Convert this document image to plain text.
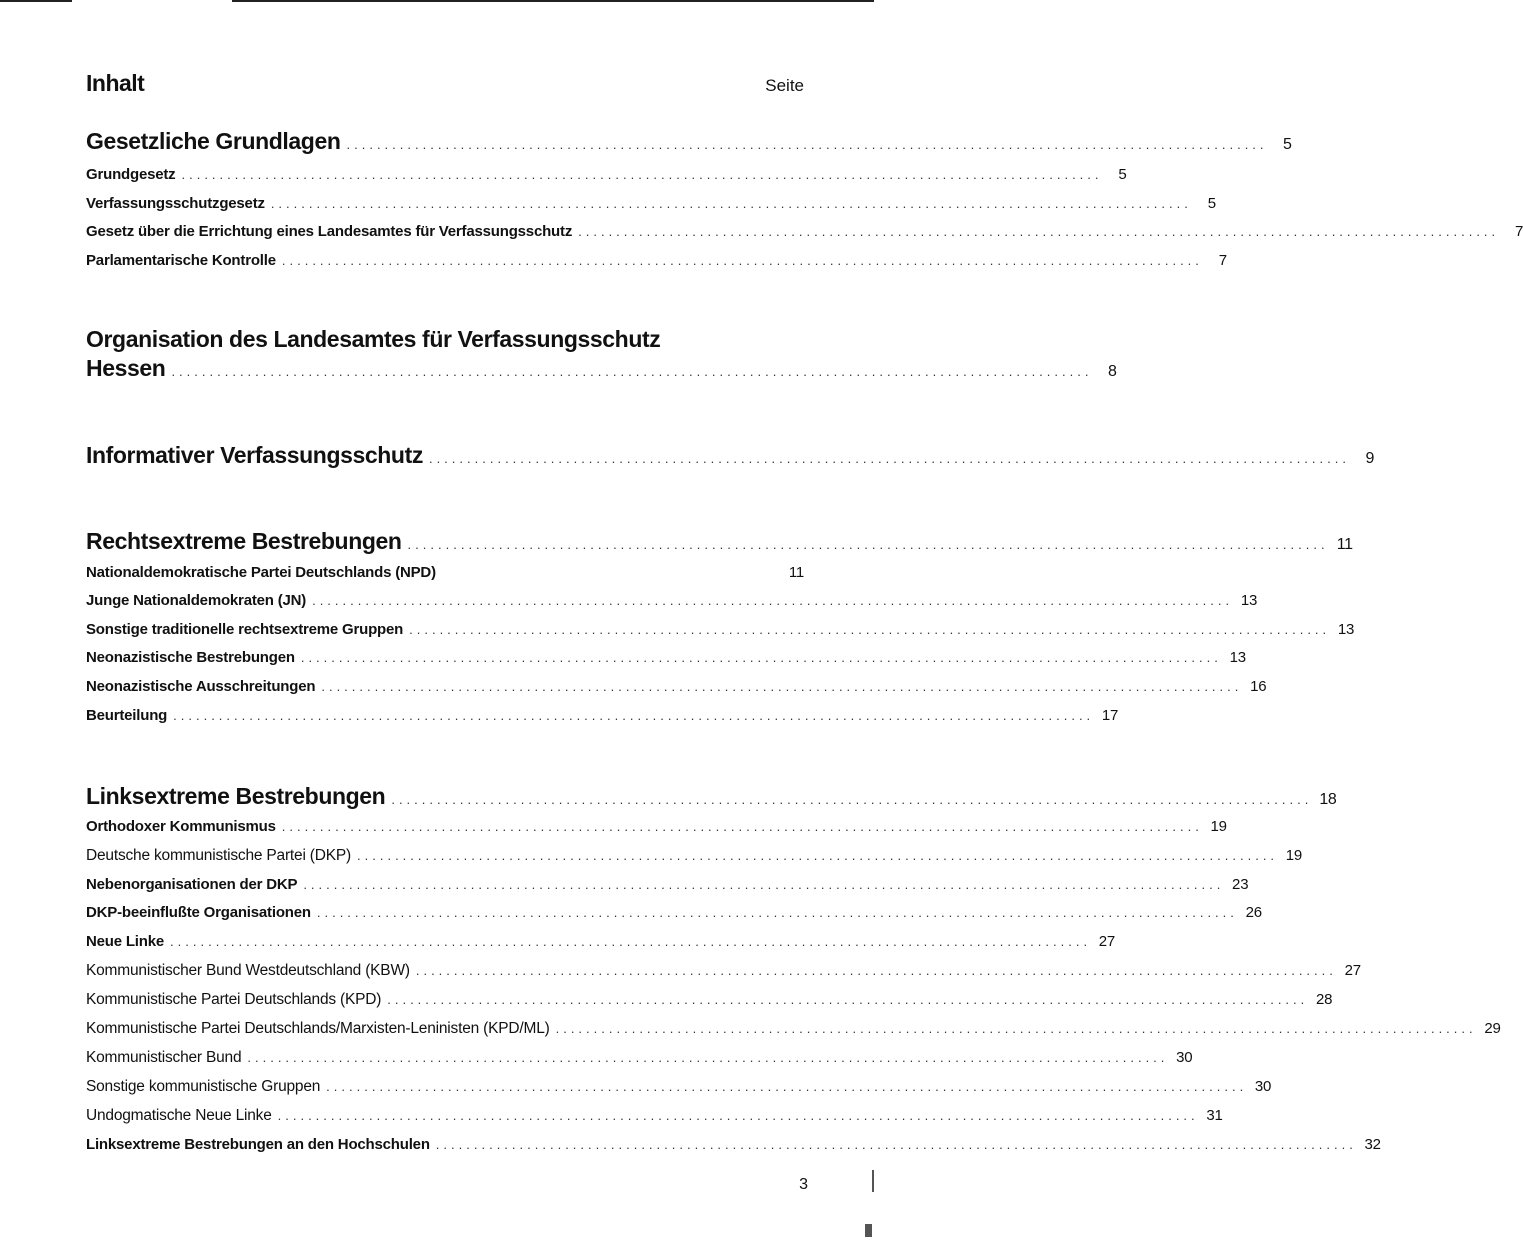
Inhalt	Seite
Gesetzliche Grundlagen ......................................................................................................................... 5
Grundgesetz .........................................................................................................................	5
Verfassungsschutzgesetz .........................................................................................................................	5
Gesetz über die Errichtung eines Landesamtes für Verfassungsschutz .........................................................................................................................	7
Parlamentarische Kontrolle .........................................................................................................................	7
Organisation des Landesamtes für Verfassungsschutz
Hessen ......................................................................................................................... 8
Informativer Verfassungsschutz ......................................................................................................................... 9
Rechtsextreme Bestrebungen ......................................................................................................................... 11
Nationaldemokratische Partei Deutschlands (NPD)	11
Junge Nationaldemokraten (JN) ......................................................................................................................... 13
Sonstige traditionelle rechtsextreme Gruppen ......................................................................................................................... 13
Neonazistische Bestrebungen ......................................................................................................................... 13
Neonazistische Ausschreitungen ......................................................................................................................... 16
Beurteilung ......................................................................................................................... 17
Linksextreme Bestrebungen ......................................................................................................................... 18
Orthodoxer Kommunismus ......................................................................................................................... 19
Deutsche kommunistische Partei (DKP) ......................................................................................................................... 19
Nebenorganisationen der DKP ......................................................................................................................... 23
DKP-beeinflußte Organisationen ......................................................................................................................... 26
Neue Linke ......................................................................................................................... 27
Kommunistischer Bund Westdeutschland (KBW) ......................................................................................................................... 27
Kommunistische Partei Deutschlands (KPD) ......................................................................................................................... 28
Kommunistische Partei Deutschlands/Marxisten-Leninisten (KPD/ML) ......................................................................................................................... 29
Kommunistischer Bund ......................................................................................................................... 30
Sonstige kommunistische Gruppen ......................................................................................................................... 30
Undogmatische Neue Linke ......................................................................................................................... 31
Linksextreme Bestrebungen an den Hochschulen ......................................................................................................................... 32
3
